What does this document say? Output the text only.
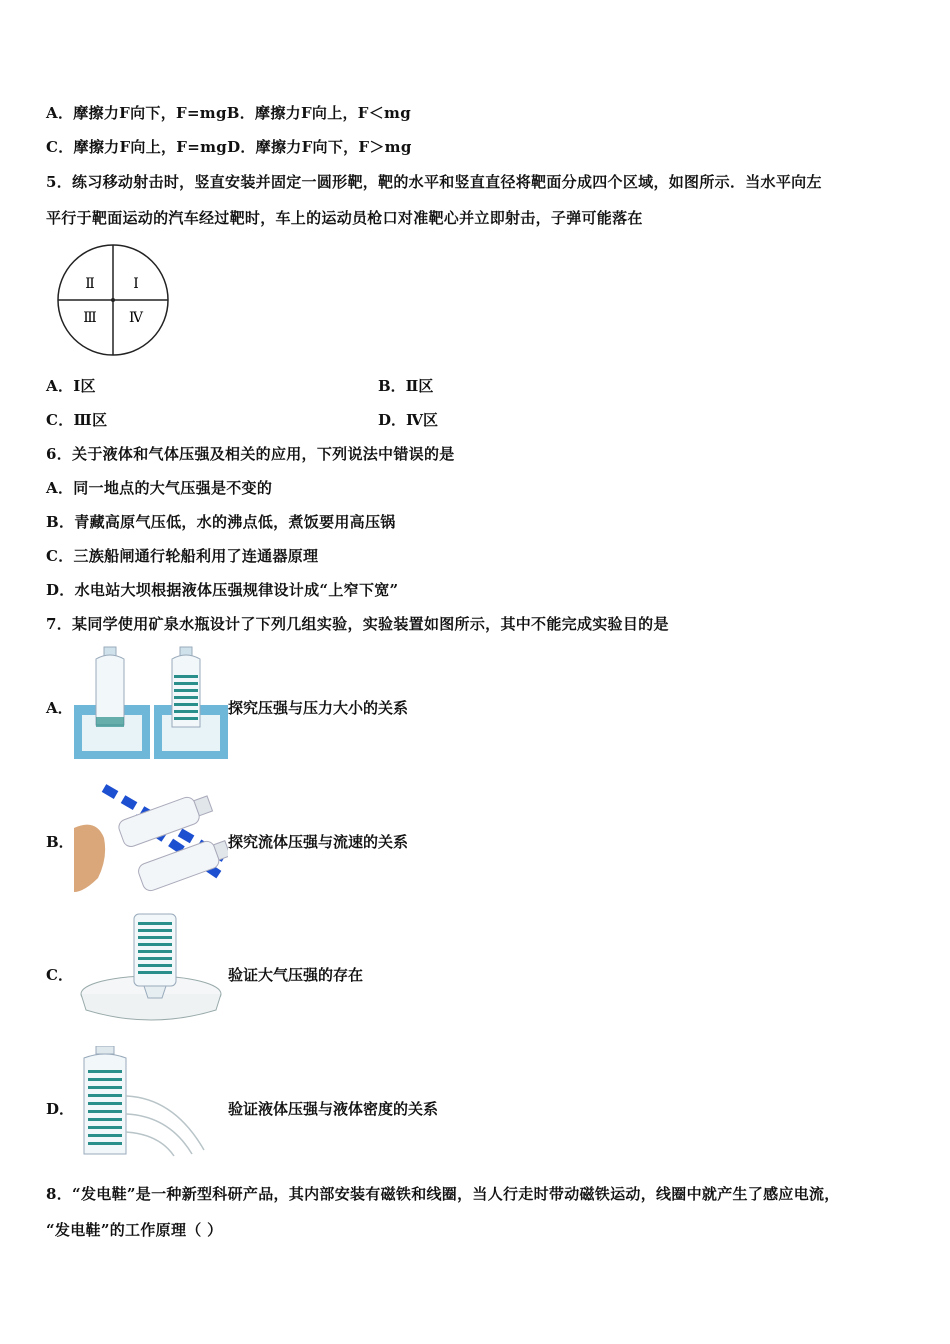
A．摩擦力F向下，F=mgB．摩擦力F向上，F＜mg
C．摩擦力F向上，F=mgD．摩擦力F向下，F＞mg
5．练习移动射击时，竖直安装并固定一圆形靶，靶的水平和竖直直径将靶面分成四个区域，如图所示．当水平向左
平行于靶面运动的汽车经过靶时，车上的运动员枪口对准靶心并立即射击，子弹可能落在
Ⅰ
Ⅱ
Ⅲ Ⅳ
A．Ⅰ区	B．Ⅱ区
C．Ⅲ区	D．Ⅳ区
6．关于液体和气体压强及相关的应用，下列说法中错误的是
A．同一地点的大气压强是不变的
B．青藏高原气压低，水的沸点低，煮饭要用高压锅
C．三族船闸通行轮船利用了连通器原理
D．水电站大坝根据液体压强规律设计成“上窄下宽”
7．某同学使用矿泉水瓶设计了下列几组实验，实验装置如图所示，其中不能完成实验目的是
A．	探究压强与压力大小的关系
B．	探究流体压强与流速的关系
C．	验证大气压强的存在
D．	验证液体压强与液体密度的关系
8．“发电鞋”是一种新型科研产品，其内部安装有磁铁和线圈，当人行走时带动磁铁运动，线圈中就产生了感应电流，
“发电鞋”的工作原理（ ）
